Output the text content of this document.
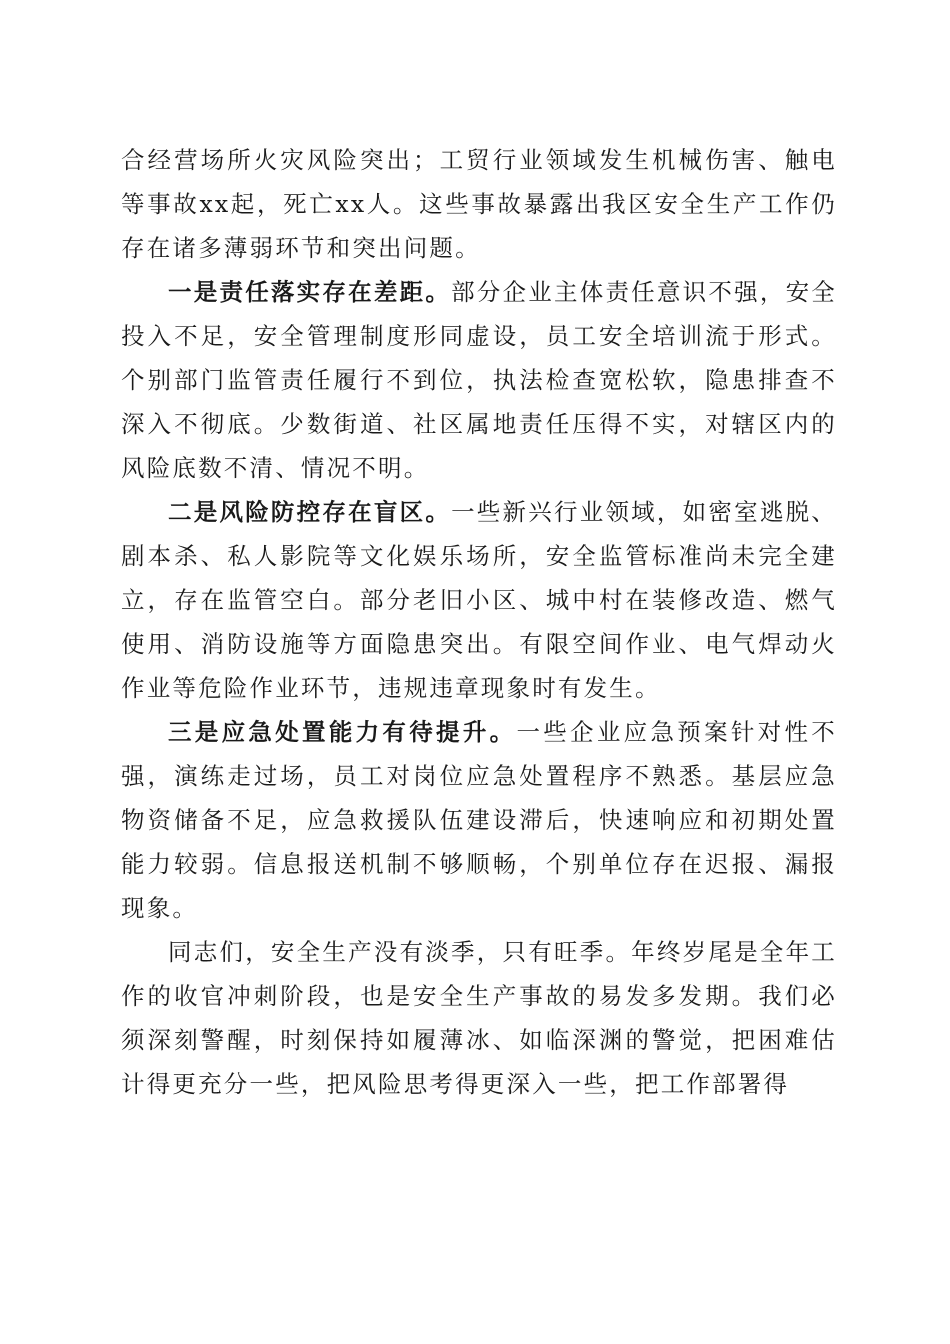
合经营场所火灾风险突出；工贸行业领域发生机械伤害、触电等事故xx起，死亡xx人。这些事故暴露出我区安全生产工作仍存在诸多薄弱环节和突出问题。

一是责任落实存在差距。部分企业主体责任意识不强，安全投入不足，安全管理制度形同虚设，员工安全培训流于形式。个别部门监管责任履行不到位，执法检查宽松软，隐患排查不深入不彻底。少数街道、社区属地责任压得不实，对辖区内的风险底数不清、情况不明。

二是风险防控存在盲区。一些新兴行业领域，如密室逃脱、剧本杀、私人影院等文化娱乐场所，安全监管标准尚未完全建立，存在监管空白。部分老旧小区、城中村在装修改造、燃气使用、消防设施等方面隐患突出。有限空间作业、电气焊动火作业等危险作业环节，违规违章现象时有发生。

三是应急处置能力有待提升。一些企业应急预案针对性不强，演练走过场，员工对岗位应急处置程序不熟悉。基层应急物资储备不足，应急救援队伍建设滞后，快速响应和初期处置能力较弱。信息报送机制不够顺畅，个别单位存在迟报、漏报现象。

同志们，安全生产没有淡季，只有旺季。年终岁尾是全年工作的收官冲刺阶段，也是安全生产事故的易发多发期。我们必须深刻警醒，时刻保持如履薄冰、如临深渊的警觉，把困难估计得更充分一些，把风险思考得更深入一些，把工作部署得
